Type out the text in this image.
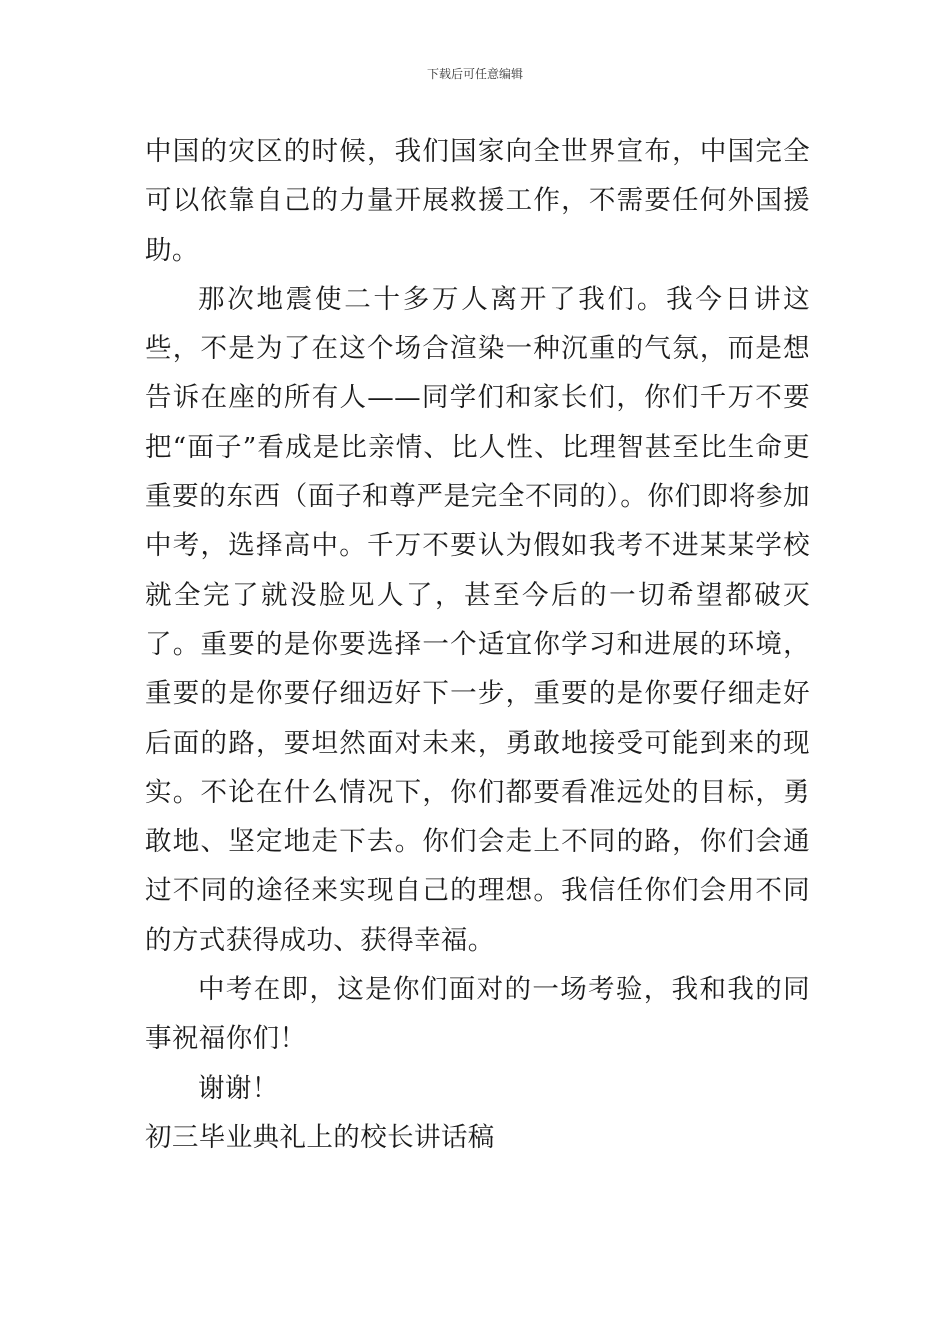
下载后可任意编辑

中国的灾区的时候，我们国家向全世界宣布，中国完全可以依靠自己的力量开展救援工作，不需要任何外国援助。

那次地震使二十多万人离开了我们。我今日讲这些，不是为了在这个场合渲染一种沉重的气氛，而是想告诉在座的所有人——同学们和家长们，你们千万不要把“面子”看成是比亲情、比人性、比理智甚至比生命更重要的东西（面子和尊严是完全不同的）。你们即将参加中考，选择高中。千万不要认为假如我考不进某某学校就全完了就没脸见人了，甚至今后的一切希望都破灭了。重要的是你要选择一个适宜你学习和进展的环境，重要的是你要仔细迈好下一步，重要的是你要仔细走好后面的路，要坦然面对未来，勇敢地接受可能到来的现实。不论在什么情况下，你们都要看准远处的目标，勇敢地、坚定地走下去。你们会走上不同的路，你们会通过不同的途径来实现自己的理想。我信任你们会用不同的方式获得成功、获得幸福。

中考在即，这是你们面对的一场考验，我和我的同事祝福你们！

谢谢！

初三毕业典礼上的校长讲话稿
